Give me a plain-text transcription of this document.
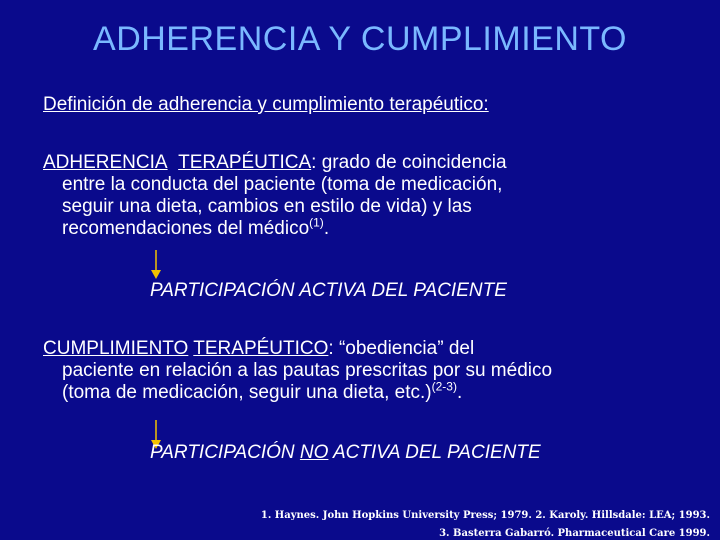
ADHERENCIA Y CUMPLIMIENTO
Definición de adherencia y cumplimiento terapéutico:
ADHERENCIA TERAPÉUTICA: grado de coincidencia
entre la conducta del paciente (toma de medicación,
seguir una dieta, cambios en estilo de vida) y las
recomendaciones del médico$^{(1)}$.
PARTICIPACIÓN ACTIVA DEL PACIENTE
CUMPLIMIENTO TERAPÉUTICO: “obediencia” del
paciente en relación a las pautas prescritas por su médico
(toma de medicación, seguir una dieta, etc.)$^{(2-3)}$.
PARTICIPACIÓN NO ACTIVA DEL PACIENTE
1. Haynes. John Hopkins University Press; 1979. 2. Karoly. Hillsdale: LEA; 1993.
3. Basterra Gabarró. Pharmaceutical Care 1999.
